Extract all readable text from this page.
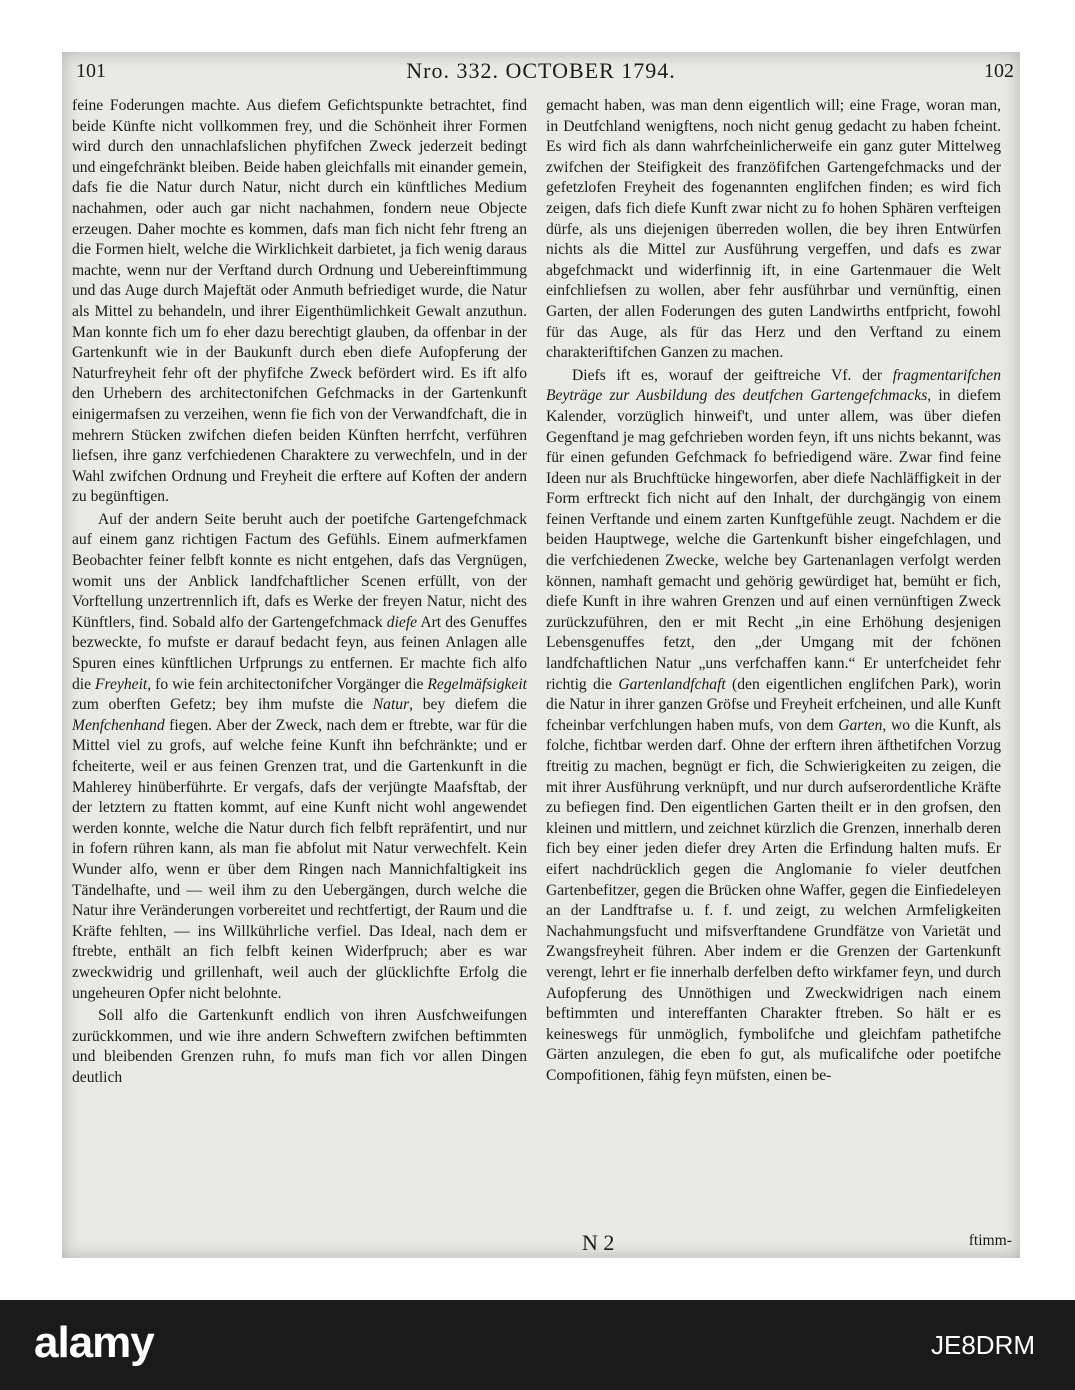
101	Nro. 332. OCTOBER 1794.	102

feine Foderungen machte. Aus diefem Gefichtspunkte betrachtet, find beide Künfte nicht vollkommen frey, und die Schönheit ihrer Formen wird durch den unnachlafslichen phyfifchen Zweck jederzeit bedingt und eingefchränkt bleiben. Beide haben gleichfalls mit einander gemein, dafs fie die Natur durch Natur, nicht durch ein künftliches Medium nachahmen, oder auch gar nicht nachahmen, fondern neue Objecte erzeugen. Daher mochte es kommen, dafs man fich nicht fehr ftreng an die Formen hielt, welche die Wirklichkeit darbietet, ja fich wenig daraus machte, wenn nur der Verftand durch Ordnung und Uebereinftimmung und das Auge durch Majeftät oder Anmuth befriediget wurde, die Natur als Mittel zu behandeln, und ihrer Eigenthümlichkeit Gewalt anzuthun. Man konnte fich um fo eher dazu berechtigt glauben, da offenbar in der Gartenkunft wie in der Baukunft durch eben diefe Aufopferung der Naturfreyheit fehr oft der phyfifche Zweck befördert wird. Es ift alfo den Urhebern des architectonifchen Gefchmacks in der Gartenkunft einigermafsen zu verzeihen, wenn fie fich von der Verwandfchaft, die in mehrern Stücken zwifchen diefen beiden Künften herrfcht, verführen liefsen, ihre ganz verfchiedenen Charaktere zu verwechfeln, und in der Wahl zwifchen Ordnung und Freyheit die erftere auf Koften der andern zu begünftigen.

Auf der andern Seite beruht auch der poetifche Gartengefchmack auf einem ganz richtigen Factum des Gefühls. Einem aufmerkfamen Beobachter feiner felbft konnte es nicht entgehen, dafs das Vergnügen, womit uns der Anblick landfchaftlicher Scenen erfüllt, von der Vorftellung unzertrennlich ift, dafs es Werke der freyen Natur, nicht des Künftlers, find. Sobald alfo der Gartengefchmack diefe Art des Genuffes bezweckte, fo mufste er darauf bedacht feyn, aus feinen Anlagen alle Spuren eines künftlichen Urfprungs zu entfernen. Er machte fich alfo die Freyheit, fo wie fein architectonifcher Vorgänger die Regelmäfsigkeit zum oberften Gefetz; bey ihm mufste die Natur, bey diefem die Menfchenhand fiegen. Aber der Zweck, nach dem er ftrebte, war für die Mittel viel zu grofs, auf welche feine Kunft ihn befchränkte; und er fcheiterte, weil er aus feinen Grenzen trat, und die Gartenkunft in die Mahlerey hinüberführte. Er vergafs, dafs der verjüngte Maafsftab, der der letztern zu ftatten kommt, auf eine Kunft nicht wohl angewendet werden konnte, welche die Natur durch fich felbft repräfentirt, und nur in fofern rühren kann, als man fie abfolut mit Natur verwechfelt. Kein Wunder alfo, wenn er über dem Ringen nach Mannichfaltigkeit ins Tändelhafte, und — weil ihm zu den Uebergängen, durch welche die Natur ihre Veränderungen vorbereitet und rechtfertigt, der Raum und die Kräfte fehlten, — ins Willkührliche verfiel. Das Ideal, nach dem er ftrebte, enthält an fich felbft keinen Widerfpruch; aber es war zweckwidrig und grillenhaft, weil auch der glücklichfte Erfolg die ungeheuren Opfer nicht belohnte.

Soll alfo die Gartenkunft endlich von ihren Ausfchweifungen zurückkommen, und wie ihre andern Schweftern zwifchen beftimmten und bleibenden Grenzen ruhn, fo mufs man fich vor allen Dingen deutlich

gemacht haben, was man denn eigentlich will; eine Frage, woran man, in Deutfchland wenigftens, noch nicht genug gedacht zu haben fcheint. Es wird fich als dann wahrfcheinlicherweife ein ganz guter Mittelweg zwifchen der Steifigkeit des franzöfifchen Gartengefchmacks und der gefetzlofen Freyheit des fogenannten englifchen finden; es wird fich zeigen, dafs fich diefe Kunft zwar nicht zu fo hohen Sphären verfteigen dürfe, als uns diejenigen überreden wollen, die bey ihren Entwürfen nichts als die Mittel zur Ausführung vergeffen, und dafs es zwar abgefchmackt und widerfinnig ift, in eine Gartenmauer die Welt einfchliefsen zu wollen, aber fehr ausführbar und vernünftig, einen Garten, der allen Foderungen des guten Landwirths entfpricht, fowohl für das Auge, als für das Herz und den Verftand zu einem charakteriftifchen Ganzen zu machen.

Diefs ift es, worauf der geiftreiche Vf. der fragmentarifchen Beyträge zur Ausbildung des deutfchen Gartengefchmacks, in diefem Kalender, vorzüglich hinweif't, und unter allem, was über diefen Gegenftand je mag gefchrieben worden feyn, ift uns nichts bekannt, was für einen gefunden Gefchmack fo befriedigend wäre. Zwar find feine Ideen nur als Bruchftücke hingeworfen, aber diefe Nachläffigkeit in der Form erftreckt fich nicht auf den Inhalt, der durchgängig von einem feinen Verftande und einem zarten Kunftgefühle zeugt. Nachdem er die beiden Hauptwege, welche die Gartenkunft bisher eingefchlagen, und die verfchiedenen Zwecke, welche bey Gartenanlagen verfolgt werden können, namhaft gemacht und gehörig gewürdiget hat, bemüht er fich, diefe Kunft in ihre wahren Grenzen und auf einen vernünftigen Zweck zurückzuführen, den er mit Recht „in eine Erhöhung desjenigen Lebensgenuffes fetzt, den „der Umgang mit der fchönen landfchaftlichen Natur „uns verfchaffen kann.“ Er unterfcheidet fehr richtig die Gartenlandfchaft (den eigentlichen englifchen Park), worin die Natur in ihrer ganzen Gröfse und Freyheit erfcheinen, und alle Kunft fcheinbar verfchlungen haben mufs, von dem Garten, wo die Kunft, als folche, fichtbar werden darf. Ohne der erftern ihren äfthetifchen Vorzug ftreitig zu machen, begnügt er fich, die Schwierigkeiten zu zeigen, die mit ihrer Ausführung verknüpft, und nur durch aufserordentliche Kräfte zu befiegen find. Den eigentlichen Garten theilt er in den grofsen, den kleinen und mittlern, und zeichnet kürzlich die Grenzen, innerhalb deren fich bey einer jeden diefer drey Arten die Erfindung halten mufs. Er eifert nachdrücklich gegen die Anglomanie fo vieler deutfchen Gartenbefitzer, gegen die Brücken ohne Waffer, gegen die Einfiedeleyen an der Landftrafse u. f. f. und zeigt, zu welchen Armfeligkeiten Nachahmungsfucht und mifsverftandene Grundfätze von Varietät und Zwangsfreyheit führen. Aber indem er die Grenzen der Gartenkunft verengt, lehrt er fie innerhalb derfelben defto wirkfamer feyn, und durch Aufopferung des Unnöthigen und Zweckwidrigen nach einem beftimmten und intereffanten Charakter ftreben. So hält er es keineswegs für unmöglich, fymbolifche und gleichfam pathetifche Gärten anzulegen, die eben fo gut, als muficalifche oder poetifche Compofitionen, fähig feyn müfsten, einen be-

N 2	ftimm-
alamy	JE8DRM
